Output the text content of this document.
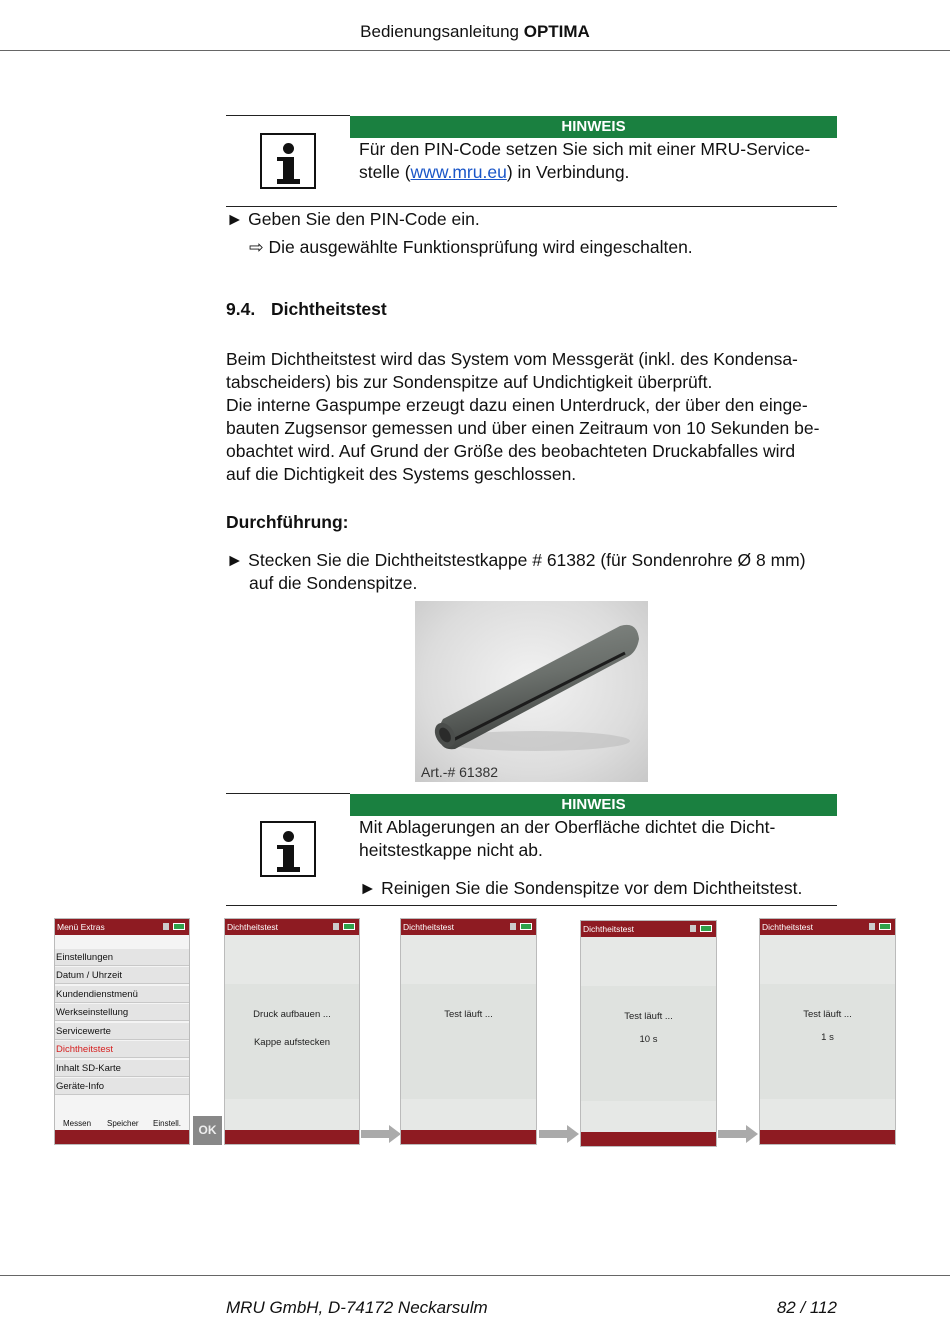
Bedienungsanleitung OPTIMA
HINWEIS
Für den PIN-Code setzen Sie sich mit einer MRU-Service-
stelle (www.mru.eu) in Verbindung.
► Geben Sie den PIN-Code ein.
⇨ Die ausgewählte Funktionsprüfung wird eingeschalten.
9.4. Dichtheitstest
Beim Dichtheitstest wird das System vom Messgerät (inkl. des Kondensa-
tabscheiders) bis zur Sondenspitze auf Undichtigkeit überprüft.
Die interne Gaspumpe erzeugt dazu einen Unterdruck, der über den einge-
bauten Zugsensor gemessen und über einen Zeitraum von 10 Sekunden be-
obachtet wird. Auf Grund der Größe des beobachteten Druckabfalles wird
auf die Dichtigkeit des Systems geschlossen.
Durchführung:
► Stecken Sie die Dichtheitstestkappe # 61382 (für Sondenrohre Ø 8 mm)
auf die Sondenspitze.
Art.-# 61382
HINWEIS
Mit Ablagerungen an der Oberfläche dichtet die Dicht-
heitstestkappe nicht ab.
► Reinigen Sie die Sondenspitze vor dem Dichtheitstest.
Menü Extras
Einstellungen
Datum / Uhrzeit
Kundendienstmenü
Werkseinstellung
Servicewerte
Dichtheitstest
Inhalt SD-Karte
Geräte-Info
Messen Speicher Einstell.	OK
Dichtheitstest
Druck aufbauen ...
Kappe aufstecken
Dichtheitstest
Test läuft ...
Dichtheitstest
Test läuft ...
10 s
Dichtheitstest
Test läuft ...
1 s
MRU GmbH, D-74172 Neckarsulm	82 / 112
